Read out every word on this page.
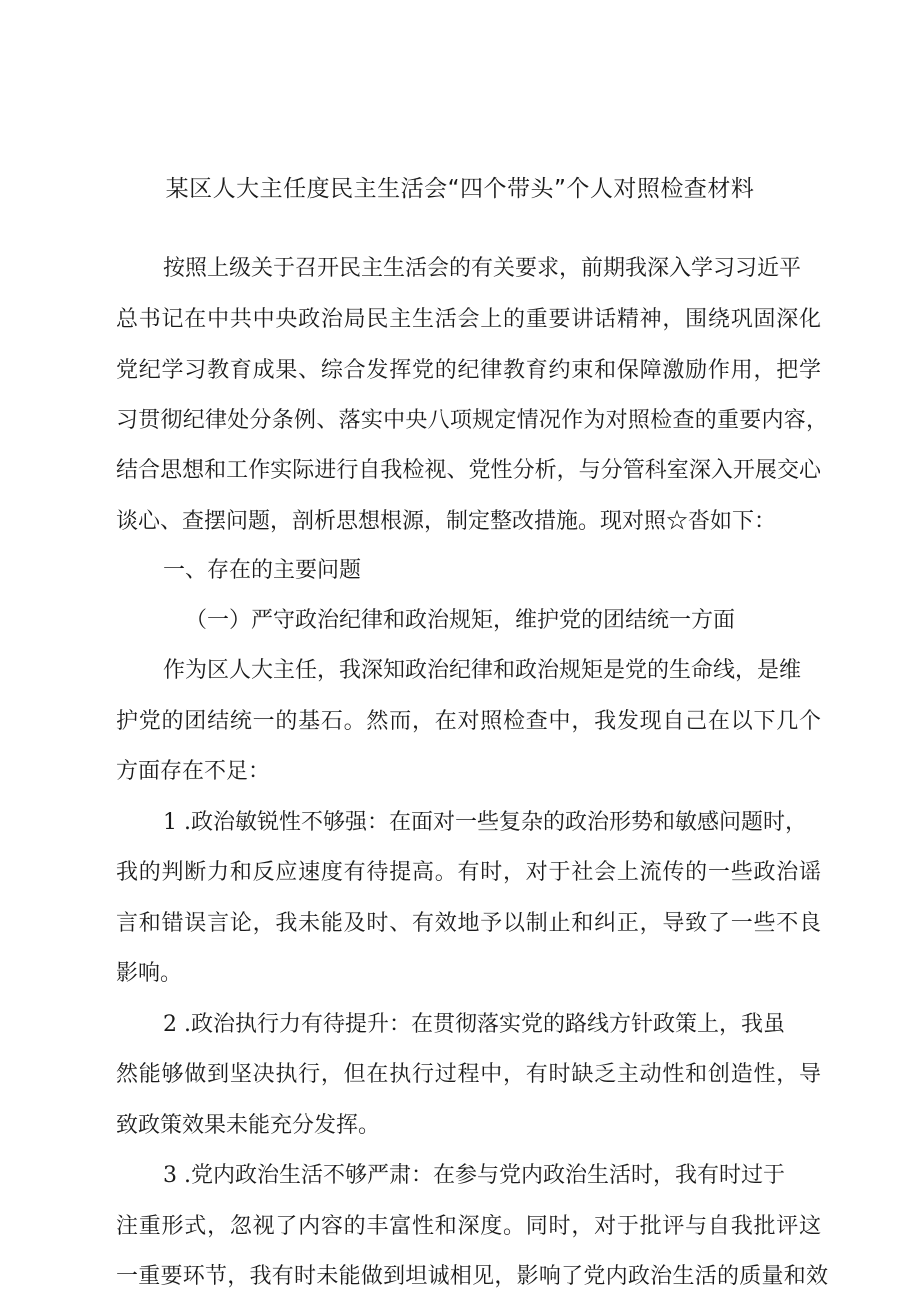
某区人大主任度民主生活会“四个带头”个人对照检查材料
按照上级关于召开民主生活会的有关要求，前期我深入学习习近平
总书记在中共中央政治局民主生活会上的重要讲话精神，围绕巩固深化
党纪学习教育成果、综合发挥党的纪律教育约束和保障激励作用，把学
习贯彻纪律处分条例、落实中央八项规定情况作为对照检查的重要内容，
结合思想和工作实际进行自我检视、党性分析，与分管科室深入开展交心
谈心、查摆问题，剖析思想根源，制定整改措施。现对照☆沓如下：
一、存在的主要问题
（一）严守政治纪律和政治规矩，维护党的团结统一方面
作为区人大主任，我深知政治纪律和政治规矩是党的生命线，是维
护党的团结统一的基石。然而，在对照检查中，我发现自己在以下几个
方面存在不足：
1 .政治敏锐性不够强：在面对一些复杂的政治形势和敏感问题时，
我的判断力和反应速度有待提高。有时，对于社会上流传的一些政治谣
言和错误言论，我未能及时、有效地予以制止和纠正，导致了一些不良
影响。
2 .政治执行力有待提升：在贯彻落实党的路线方针政策上，我虽
然能够做到坚决执行，但在执行过程中，有时缺乏主动性和创造性，导
致政策效果未能充分发挥。
3 .党内政治生活不够严肃：在参与党内政治生活时，我有时过于
注重形式，忽视了内容的丰富性和深度。同时，对于批评与自我批评这
一重要环节，我有时未能做到坦诚相见，影响了党内政治生活的质量和效
